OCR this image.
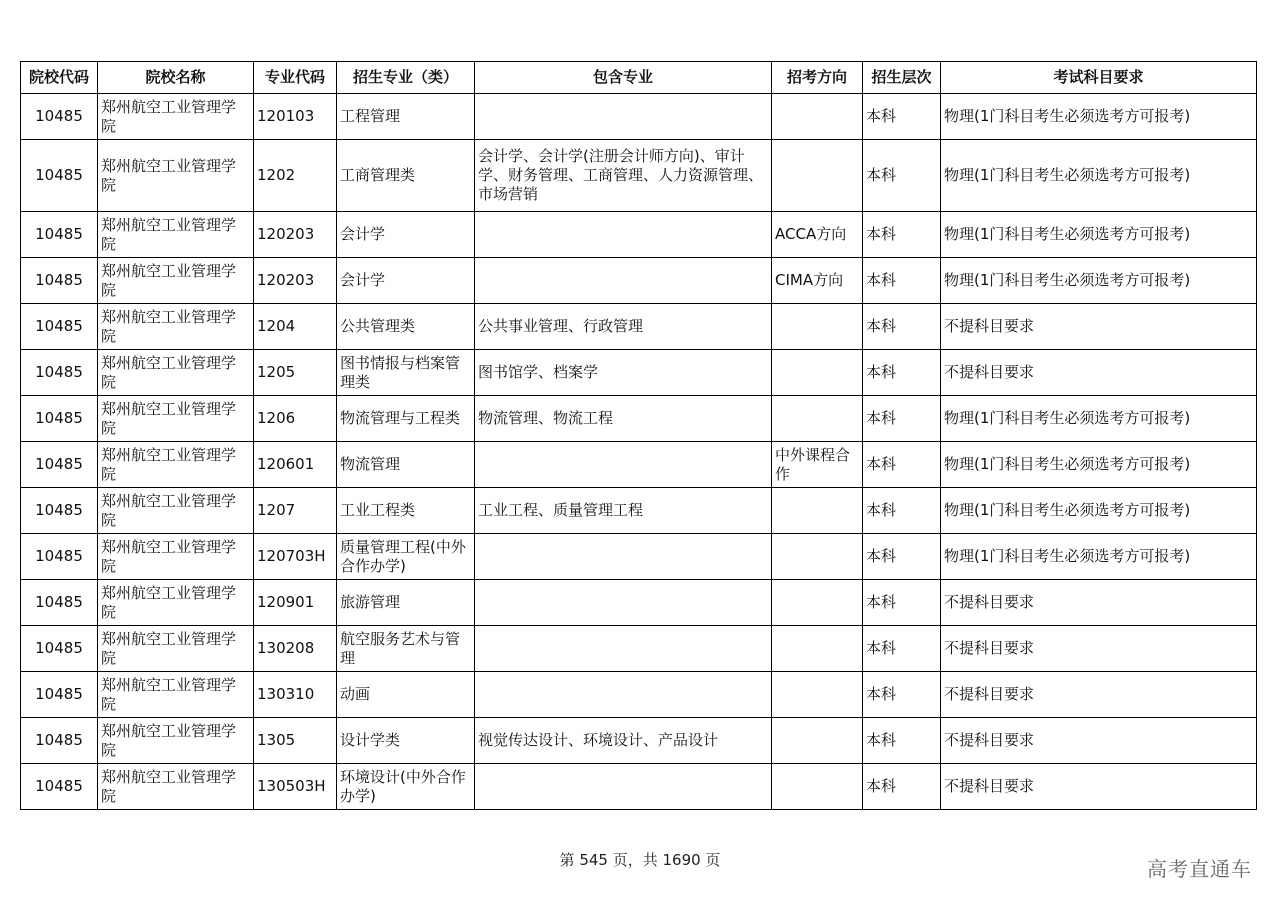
院校代码	院校名称	专业代码	招生专业（类）	包含专业	招考方向	招生层次	考试科目要求
10485	郑州航空工业管理学院	120103	工程管理			本科	物理(1门科目考生必须选考方可报考)
10485	郑州航空工业管理学院	1202	工商管理类	会计学、会计学(注册会计师方向)、审计学、财务管理、工商管理、人力资源管理、市场营销		本科	物理(1门科目考生必须选考方可报考)
10485	郑州航空工业管理学院	120203	会计学		ACCA方向	本科	物理(1门科目考生必须选考方可报考)
10485	郑州航空工业管理学院	120203	会计学		CIMA方向	本科	物理(1门科目考生必须选考方可报考)
10485	郑州航空工业管理学院	1204	公共管理类	公共事业管理、行政管理		本科	不提科目要求
10485	郑州航空工业管理学院	1205	图书情报与档案管理类	图书馆学、档案学		本科	不提科目要求
10485	郑州航空工业管理学院	1206	物流管理与工程类	物流管理、物流工程		本科	物理(1门科目考生必须选考方可报考)
10485	郑州航空工业管理学院	120601	物流管理		中外课程合作	本科	物理(1门科目考生必须选考方可报考)
10485	郑州航空工业管理学院	1207	工业工程类	工业工程、质量管理工程		本科	物理(1门科目考生必须选考方可报考)
10485	郑州航空工业管理学院	120703H	质量管理工程(中外合作办学)			本科	物理(1门科目考生必须选考方可报考)
10485	郑州航空工业管理学院	120901	旅游管理			本科	不提科目要求
10485	郑州航空工业管理学院	130208	航空服务艺术与管理			本科	不提科目要求
10485	郑州航空工业管理学院	130310	动画			本科	不提科目要求
10485	郑州航空工业管理学院	1305	设计学类	视觉传达设计、环境设计、产品设计		本科	不提科目要求
10485	郑州航空工业管理学院	130503H	环境设计(中外合作办学)			本科	不提科目要求
第 545 页，共 1690 页	高考直通车
